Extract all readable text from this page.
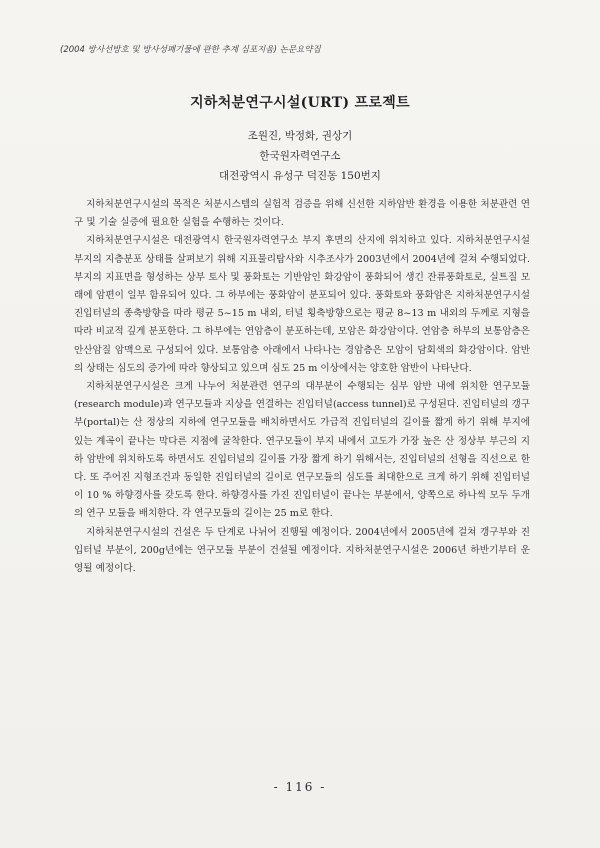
(2004 방사선방호 및 방사성폐기물에 관한 추계 심포지움) 논문요약집
지하처분연구시설(URT) 프로젝트
조원진, 박정화, 권상기
한국원자력연구소
대전광역시 유성구 덕진동 150번지

지하처분연구시설의 목적은 처분시스템의 실험적 검증을 위해 신선한 지하암반 환경을 이용한 처분관련 연구 및 기술 실증에 필요한 실험을 수행하는 것이다.

지하처분연구시설은 대전광역시 한국원자력연구소 부지 후면의 산지에 위치하고 있다. 지하처분연구시설 부지의 지층분포 상태를 살펴보기 위해 지표물리탐사와 시추조사가 2003년에서 2004년에 걸쳐 수행되었다. 부지의 지표면을 형성하는 상부 토사 및 풍화토는 기반암인 화강암이 풍화되어 생긴 잔류풍화토로, 실트질 모래에 암편이 일부 함유되어 있다. 그 하부에는 풍화암이 분포되어 있다. 풍화토와 풍화암은 지하처분연구시설 진입터널의 종축방향을 따라 평균 5~15 m 내외, 터널 횡축방향으로는 평균 8~13 m 내외의 두께로 지형을 따라 비교적 깊게 분포한다. 그 하부에는 연암층이 분포하는데, 모암은 화강암이다. 연암층 하부의 보통암층은 안산암질 암맥으로 구성되어 있다. 보통암층 아래에서 나타나는 경암층은 모암이 담회색의 화강암이다. 암반의 상태는 심도의 증가에 따라 향상되고 있으며 심도 25 m 이상에서는 양호한 암반이 나타난다.

지하처분연구시설은 크게 나누어 처분관련 연구의 대부분이 수행되는 심부 암반 내에 위치한 연구모듈(research module)과 연구모듈과 지상을 연결하는 진입터널(access tunnel)로 구성된다. 진입터널의 갱구부(portal)는 산 정상의 지하에 연구모듈을 배치하면서도 가급적 진입터널의 길이를 짧게 하기 위해 부지에 있는 계곡이 끝나는 막다른 지점에 굴착한다. 연구모듈이 부지 내에서 고도가 가장 높은 산 정상부 부근의 지하 암반에 위치하도록 하면서도 진입터널의 길이를 가장 짧게 하기 위해서는, 진입터널의 선형을 직선으로 한다. 또 주어진 지형조건과 동일한 진입터널의 길이로 연구모듈의 심도를 최대한으로 크게 하기 위해 진입터널이 10 % 하향경사를 갖도록 한다. 하향경사를 가진 진입터널이 끝나는 부분에서, 양쪽으로 하나씩 모두 두개의 연구 모듈을 배치한다. 각 연구모듈의 길이는 25 m로 한다.

지하처분연구시설의 건설은 두 단계로 나뉘어 진행될 예정이다. 2004년에서 2005년에 걸쳐 갱구부와 진입터널 부분이, 200g년에는 연구모듈 부분이 건설될 예정이다. 지하처분연구시설은 2006년 하반기부터 운영될 예정이다.

- 116 -
